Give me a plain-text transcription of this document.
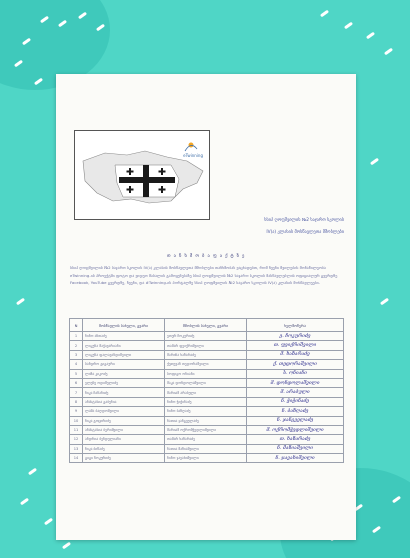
eTwinning
სსიპ ღოფშვილის №2 საჯარო სკოლის
IV(ა) კლასის მოსწავლეთა მშობლები
თ ა ნ ხ მ ო ბ ა ფ ა ქ ტ ზ ე
სსიპ ღოფშვილის №2 საჯარო სკოლის IV(ა) კლასის მოსწავლეთა მშობლები თანხმობას ვაცხადებთ, რომ ჩვენი შვილების მონაწილეობა eTwinning-ის პროექტში ფოტო და ვიდეო მასალის გამოყენებაზე სსიპ ღოფშვილის №2 საჯარო სკოლის მასწავლებლის ოფიციალურ გვერდზე Facebook, YouTube გვერდზე, ჩვენი, და #Twinning-ის პორტალზე სსიპ ღოფშვილის №2 საჯარო სკოლის IV(ა) კლასის მოსწავლეები.
N	მოსწავლის სახელი, გვარი	მშობლის სახელი, გვარი	ხელმოწერა
1	ნინო ანთაძე	ეთერ ჩოკურიძე	ე. ჩოკურიძე
2	ლიკუნა მაჭავარიანი	თამარ ფეიქრიშვილი	თ. ფეიქრიშვილი
3	ლიკუნა ფალავანდიშვილი	მარინა ხაზარაძე	მ. ხაზარაძე
4	სანდრო გიგაური	ქეთევან თედორაშვილი	ქ. თედორაშვილი
5	ლიზა კიკოძე	სოფიკო ონიანი	ს. ონიანი
6	ელენე ოდიშელიძე	მაკა დონდოლაშვილი	მ. დონდოლაშვილი
7	ნიკა ჩაჩანიძე	მარიამ არაბული	მ. არაბული
8	ანასტასია გაბუნია	ნინო ჭიჭინაძე	ნ. ჭიჭინაძე
9	ლაშა ბაღდოშვილი	ნინო ბაზღაძე	ნ. ბაზღაძე
10	ნიკა გოცირიძე	ნათია ჯანგველაძე	ნ. ჯანგველაძე
11	ანასტასია ბერიშვილი	მარიამ ოქრომჭედლიშვილი	მ. ოქრომჭედლიშვილი
12	ანდრია ბენდელიანი	თამარ ხაზარაძე	თ. ხაზარაძე
13	ნიკა ბიწაძე	ნათია მაზიაშვილი	ნ. მაზიაშვილი
14	გიგი ჩოკურიძე	ნინო ჯავახიშვილი	ნ. ჯავახიშვილი
